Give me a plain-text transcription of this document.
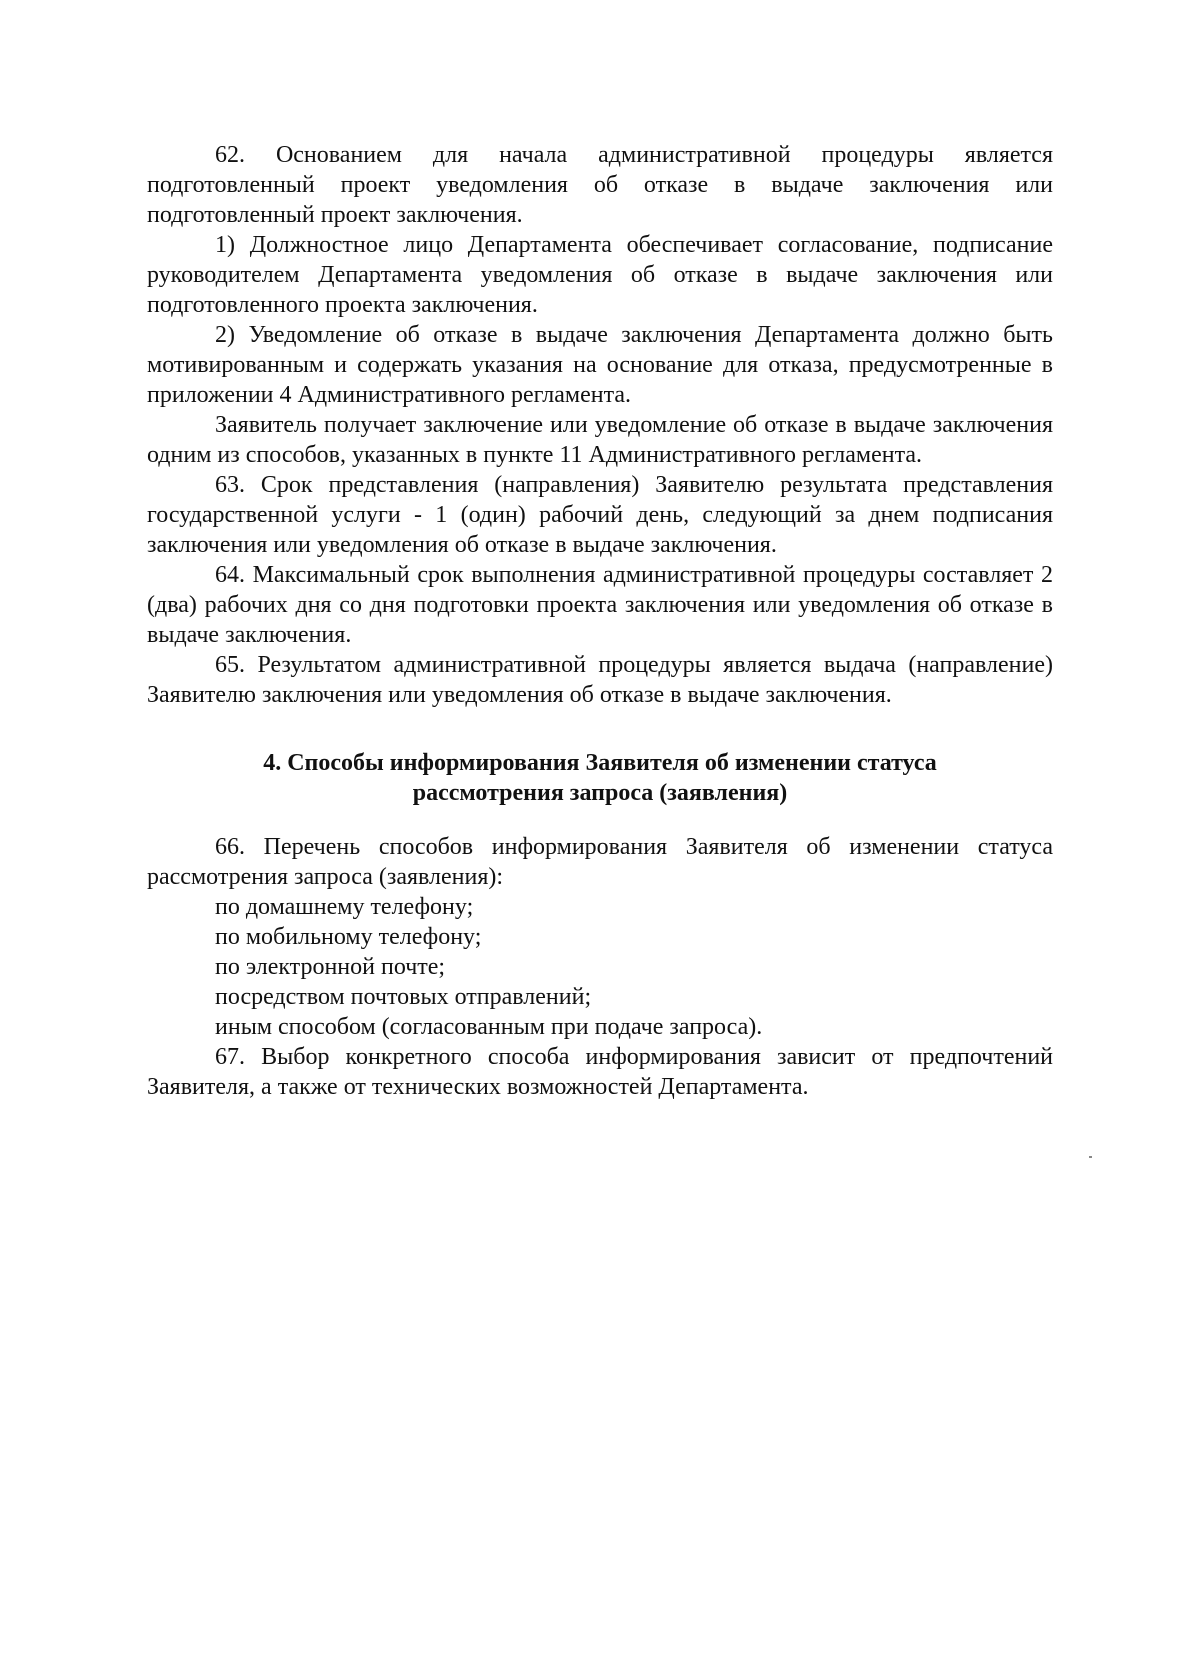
62. Основанием для начала административной процедуры является подготовленный проект уведомления об отказе в выдаче заключения или подготовленный проект заключения.

1) Должностное лицо Департамента обеспечивает согласование, подписание руководителем Департамента уведомления об отказе в выдаче заключения или подготовленного проекта заключения.

2) Уведомление об отказе в выдаче заключения Департамента должно быть мотивированным и содержать указания на основание для отказа, предусмотренные в приложении 4 Административного регламента.

Заявитель получает заключение или уведомление об отказе в выдаче заключения одним из способов, указанных в пункте 11 Административного регламента.

63. Срок представления (направления) Заявителю результата представления государственной услуги - 1 (один) рабочий день, следующий за днем подписания заключения или уведомления об отказе в выдаче заключения.

64. Максимальный срок выполнения административной процедуры составляет 2 (два) рабочих дня со дня подготовки проекта заключения или уведомления об отказе в выдаче заключения.

65. Результатом административной процедуры является выдача (направление) Заявителю заключения или уведомления об отказе в выдаче заключения.

4. Способы информирования Заявителя об изменении статуса
рассмотрения запроса (заявления)

66. Перечень способов информирования Заявителя об изменении статуса рассмотрения запроса (заявления):

по домашнему телефону;

по мобильному телефону;

по электронной почте;

посредством почтовых отправлений;

иным способом (согласованным при подаче запроса).

67. Выбор конкретного способа информирования зависит от предпочтений Заявителя, а также от технических возможностей Департамента.
